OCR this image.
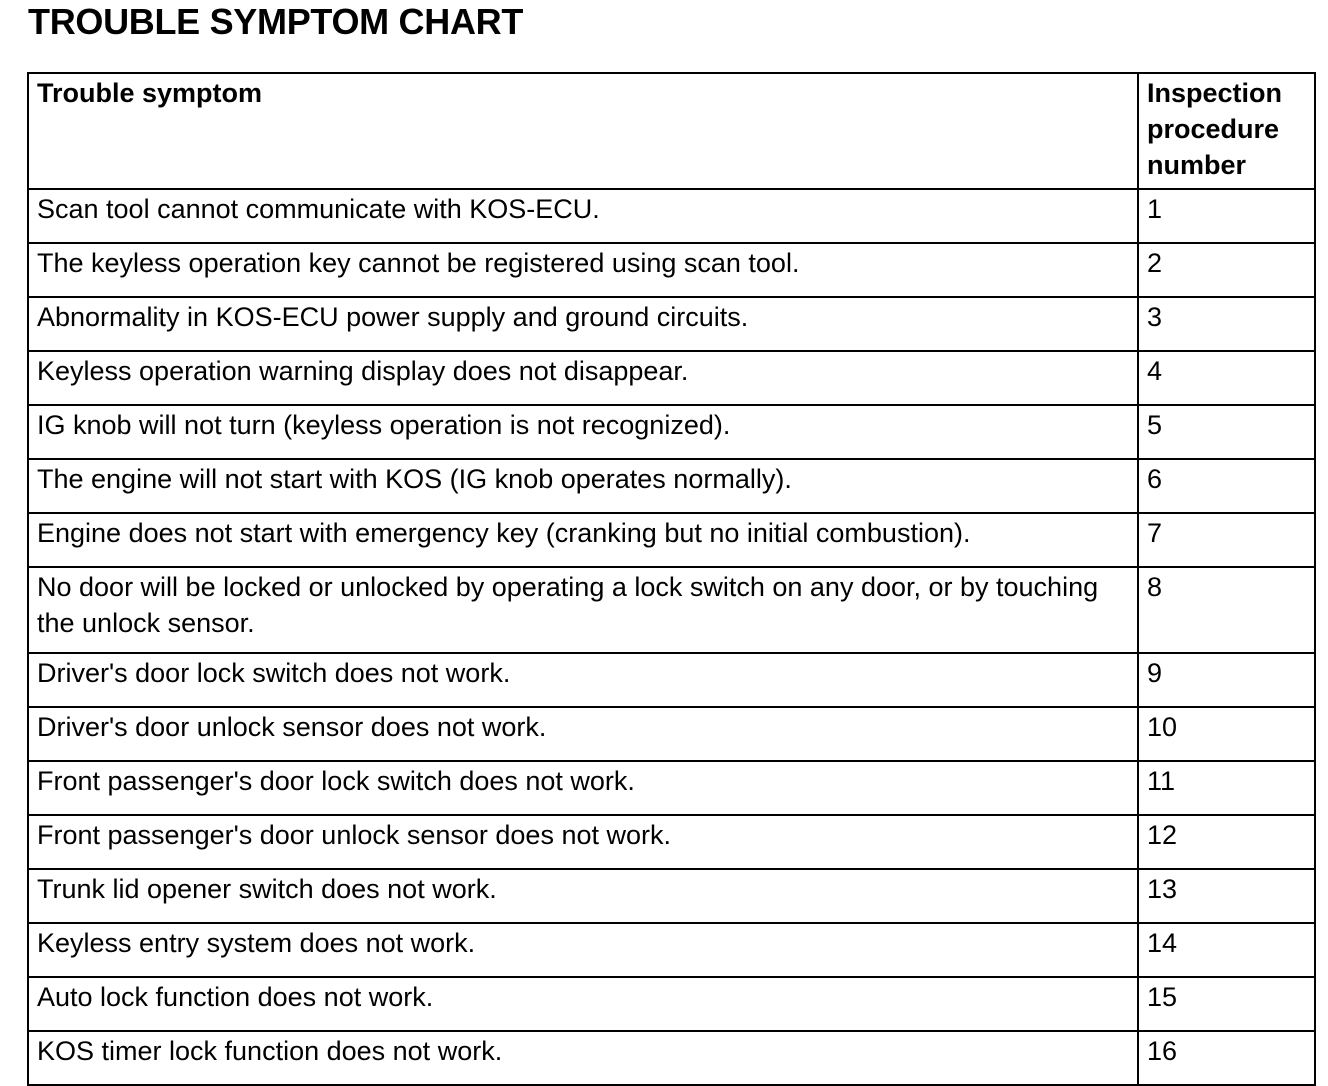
TROUBLE SYMPTOM CHART
Trouble symptom	Inspection procedure number
Scan tool cannot communicate with KOS-ECU.	1
The keyless operation key cannot be registered using scan tool.	2
Abnormality in KOS-ECU power supply and ground circuits.	3
Keyless operation warning display does not disappear.	4
IG knob will not turn (keyless operation is not recognized).	5
The engine will not start with KOS (IG knob operates normally).	6
Engine does not start with emergency key (cranking but no initial combustion).	7
No door will be locked or unlocked by operating a lock switch on any door, or by touching the unlock sensor.	8
Driver's door lock switch does not work.	9
Driver's door unlock sensor does not work.	10
Front passenger's door lock switch does not work.	11
Front passenger's door unlock sensor does not work.	12
Trunk lid opener switch does not work.	13
Keyless entry system does not work.	14
Auto lock function does not work.	15
KOS timer lock function does not work.	16
